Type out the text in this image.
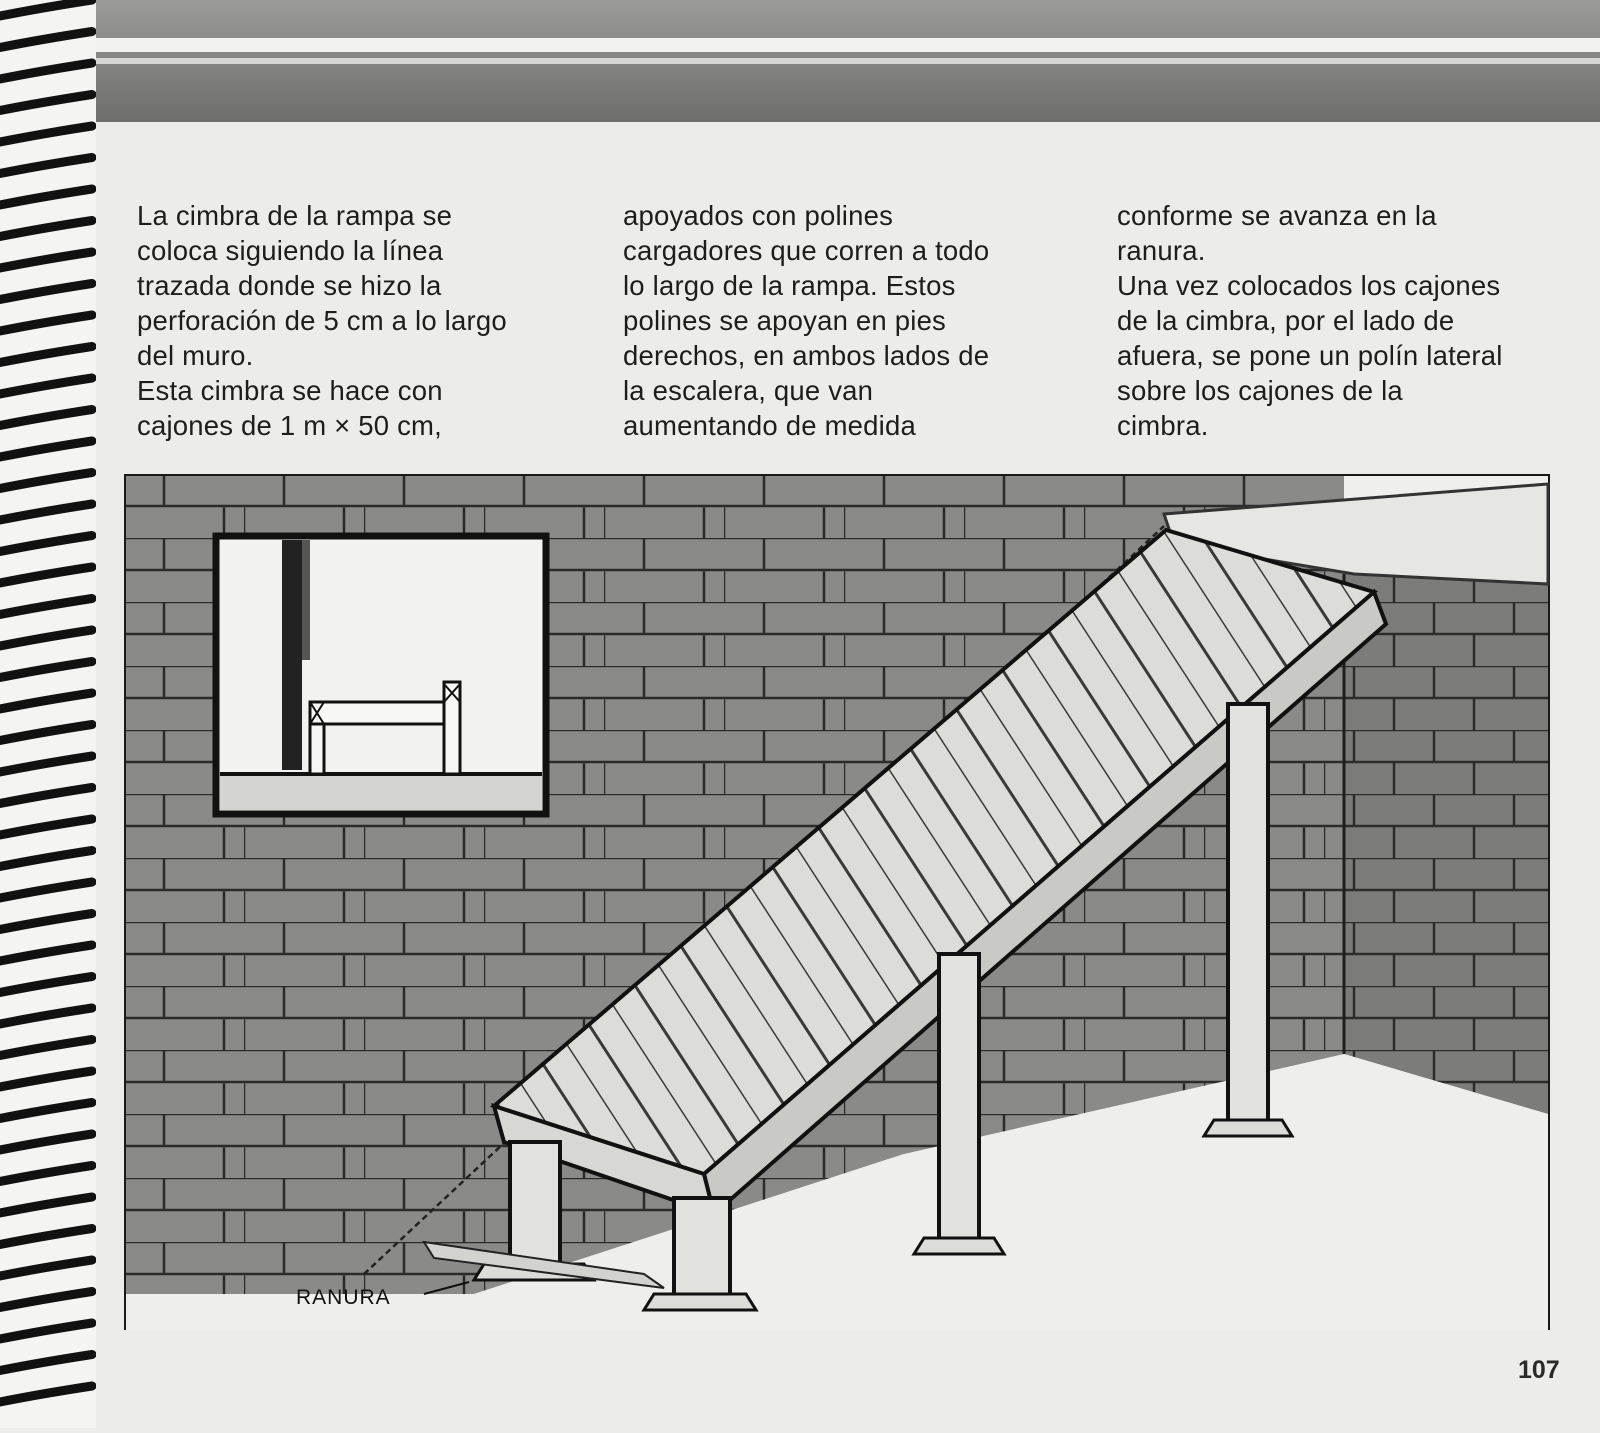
La cimbra de la rampa se
coloca siguiendo la línea
trazada donde se hizo la
perforación de 5 cm a lo largo
del muro.
Esta cimbra se hace con
cajones de 1 m × 50 cm,
apoyados con polines
cargadores que corren a todo
lo largo de la rampa. Estos
polines se apoyan en pies
derechos, en ambos lados de
la escalera, que van
aumentando de medida
conforme se avanza en la
ranura.
Una vez colocados los cajones
de la cimbra, por el lado de
afuera, se pone un polín lateral
sobre los cajones de la
cimbra.
RANURA
107
